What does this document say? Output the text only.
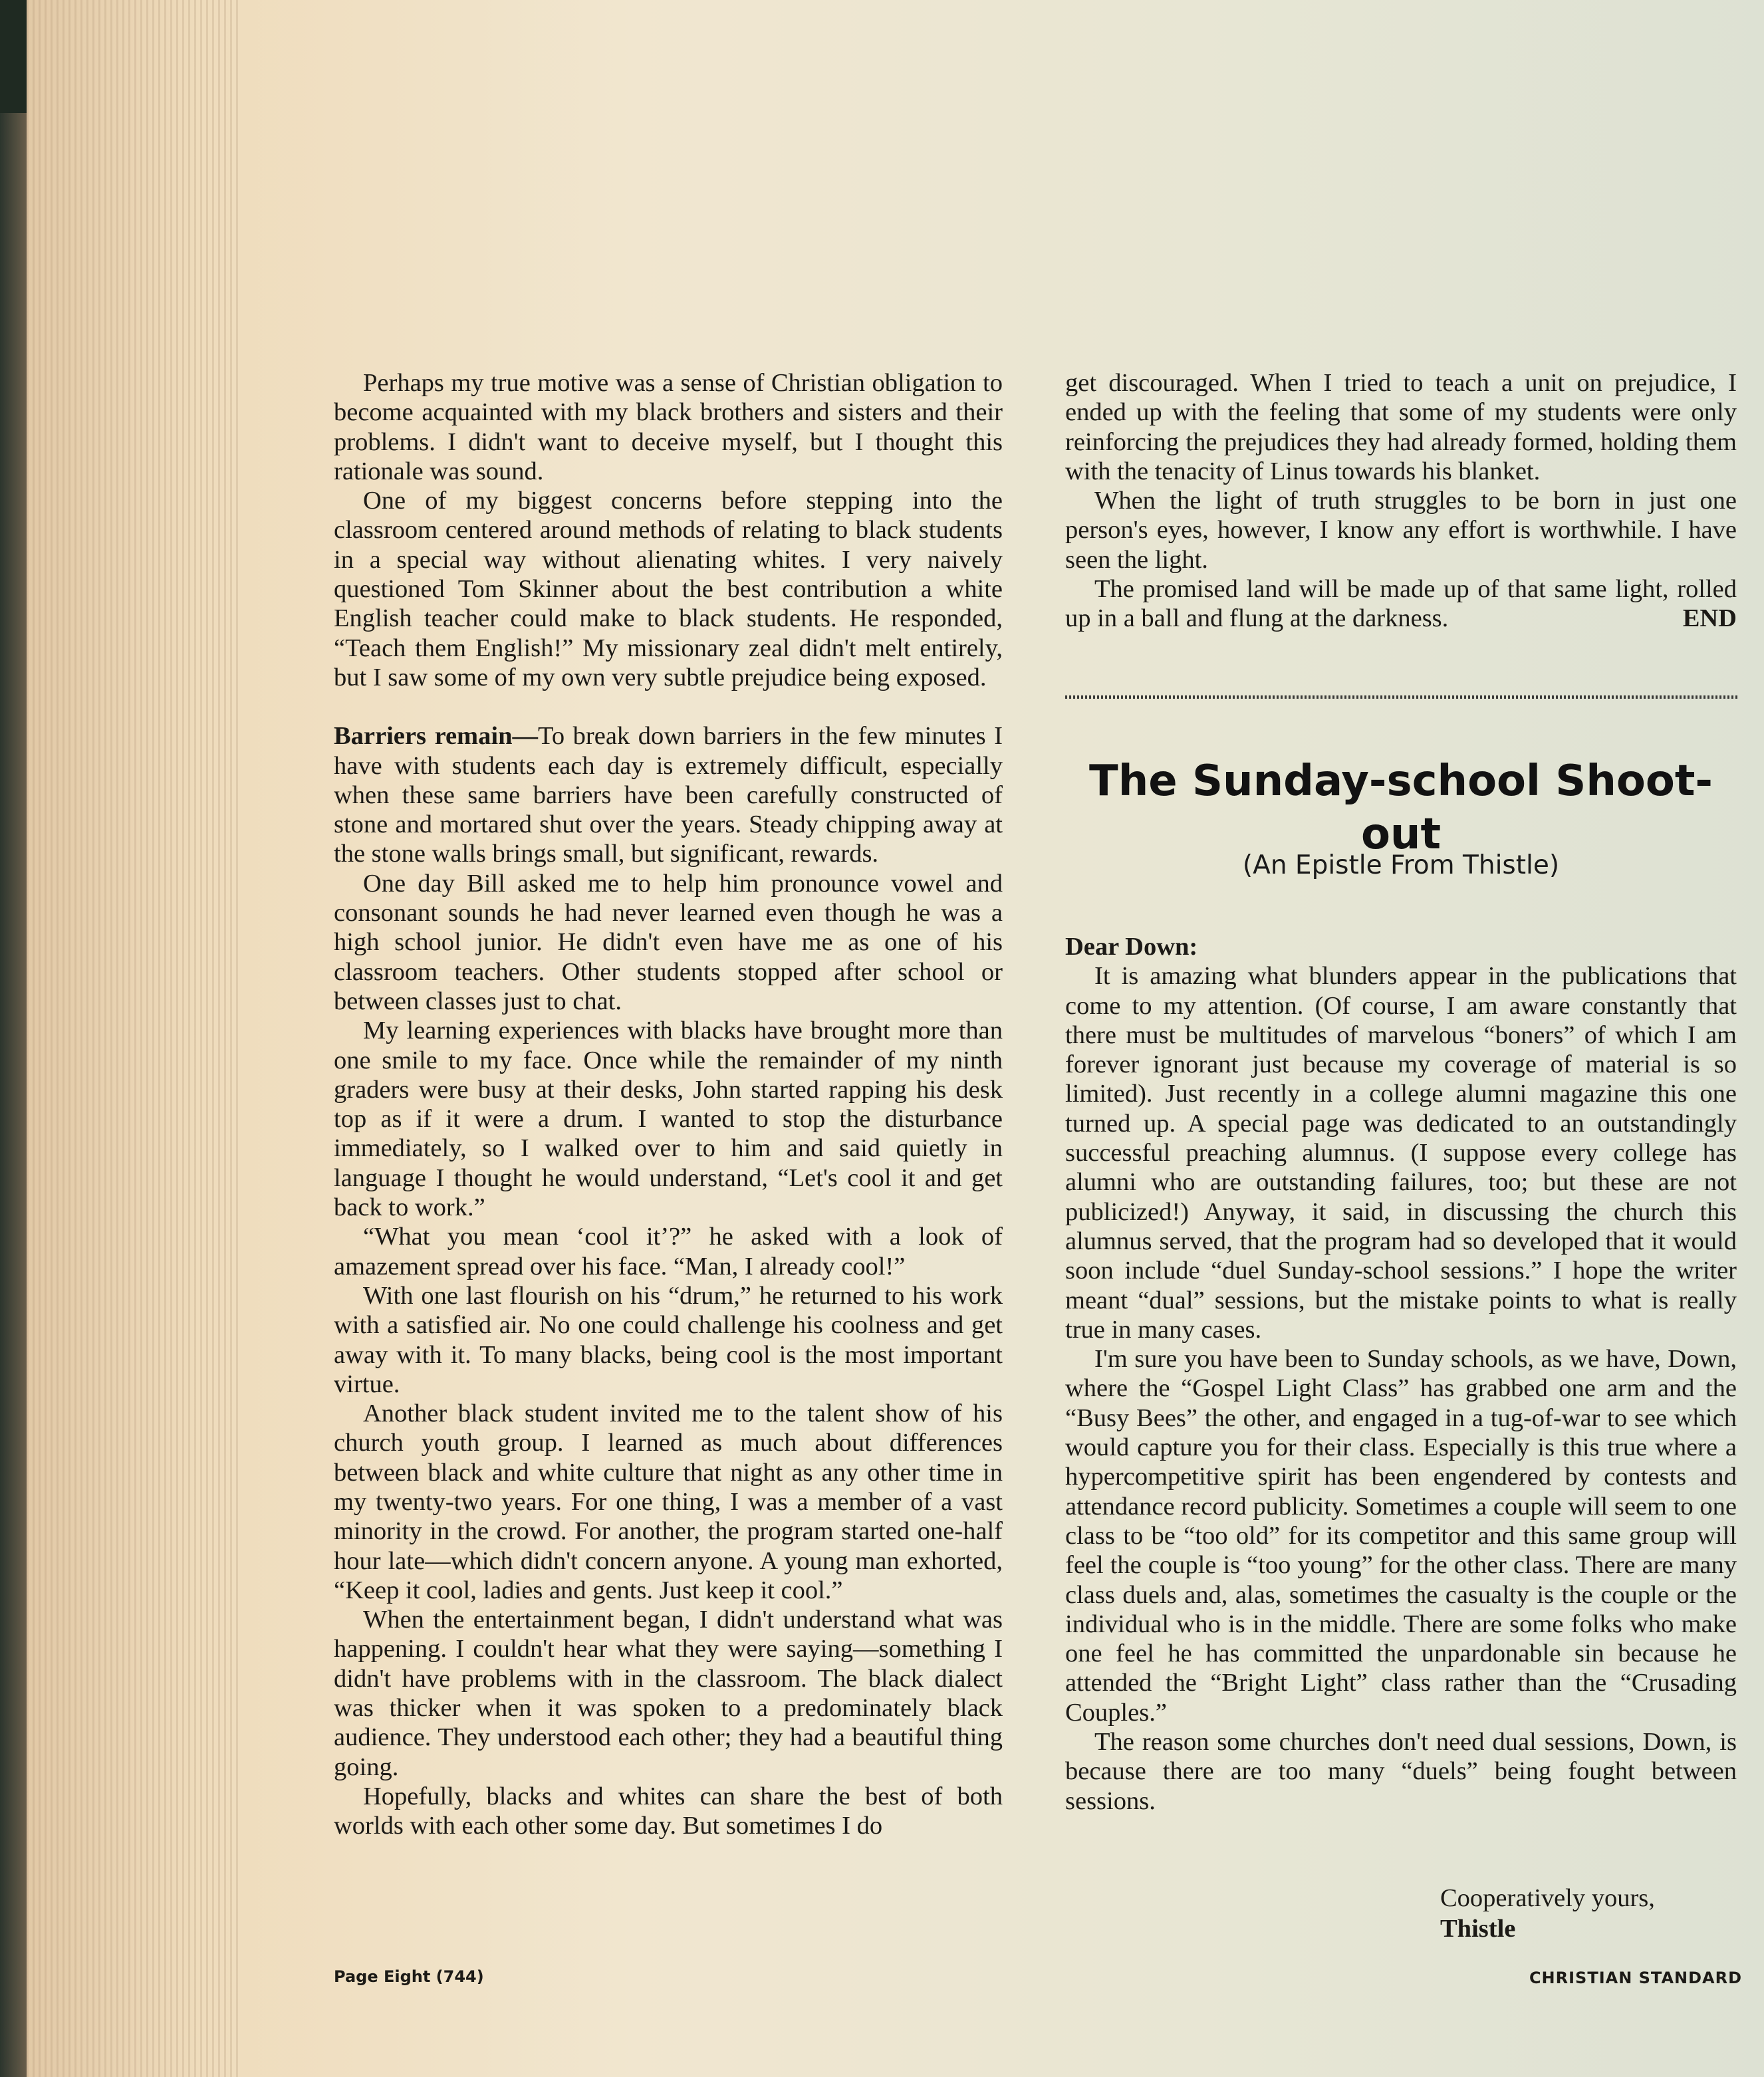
Perhaps my true motive was a sense of Christian obligation to become acquainted with my black brothers and sisters and their problems. I didn't want to deceive myself, but I thought this rationale was sound.

One of my biggest concerns before stepping into the classroom centered around methods of relating to black students in a special way without alienating whites. I very naively questioned Tom Skinner about the best contribution a white English teacher could make to black students. He responded, “Teach them English!” My missionary zeal didn't melt entirely, but I saw some of my own very subtle prejudice being exposed.

Barriers remain—To break down barriers in the few minutes I have with students each day is extremely difficult, especially when these same barriers have been carefully constructed of stone and mortared shut over the years. Steady chipping away at the stone walls brings small, but significant, rewards.

One day Bill asked me to help him pronounce vowel and consonant sounds he had never learned even though he was a high school junior. He didn't even have me as one of his classroom teachers. Other students stopped after school or between classes just to chat.

My learning experiences with blacks have brought more than one smile to my face. Once while the remainder of my ninth graders were busy at their desks, John started rapping his desk top as if it were a drum. I wanted to stop the disturbance immediately, so I walked over to him and said quietly in language I thought he would understand, “Let's cool it and get back to work.”

“What you mean ‘cool it’?” he asked with a look of amazement spread over his face. “Man, I already cool!”

With one last flourish on his “drum,” he returned to his work with a satisfied air. No one could challenge his coolness and get away with it. To many blacks, being cool is the most important virtue.

Another black student invited me to the talent show of his church youth group. I learned as much about differences between black and white culture that night as any other time in my twenty-two years. For one thing, I was a member of a vast minority in the crowd. For another, the program started one-half hour late—which didn't concern anyone. A young man exhorted, “Keep it cool, ladies and gents. Just keep it cool.”

When the entertainment began, I didn't understand what was happening. I couldn't hear what they were saying—something I didn't have problems with in the classroom. The black dialect was thicker when it was spoken to a predominately black audience. They understood each other; they had a beautiful thing going.

Hopefully, blacks and whites can share the best of both worlds with each other some day. But sometimes I do

get discouraged. When I tried to teach a unit on prejudice, I ended up with the feeling that some of my students were only reinforcing the prejudices they had already formed, holding them with the tenacity of Linus towards his blanket.

When the light of truth struggles to be born in just one person's eyes, however, I know any effort is worthwhile. I have seen the light.

The promised land will be made up of that same light, rolled up in a ball and flung at the darkness.	END

The Sunday-school Shoot-out
(An Epistle From Thistle)

Dear Down:

It is amazing what blunders appear in the publications that come to my attention. (Of course, I am aware constantly that there must be multitudes of marvelous “boners” of which I am forever ignorant just because my coverage of material is so limited). Just recently in a college alumni magazine this one turned up. A special page was dedicated to an outstandingly successful preaching alumnus. (I suppose every college has alumni who are outstanding failures, too; but these are not publicized!) Anyway, it said, in discussing the church this alumnus served, that the program had so developed that it would soon include “duel Sunday-school sessions.” I hope the writer meant “dual” sessions, but the mistake points to what is really true in many cases.

I'm sure you have been to Sunday schools, as we have, Down, where the “Gospel Light Class” has grabbed one arm and the “Busy Bees” the other, and engaged in a tug-of-war to see which would capture you for their class. Especially is this true where a hypercompetitive spirit has been engendered by contests and attendance record publicity. Sometimes a couple will seem to one class to be “too old” for its competitor and this same group will feel the couple is “too young” for the other class. There are many class duels and, alas, sometimes the casualty is the couple or the individual who is in the middle. There are some folks who make one feel he has committed the unpardonable sin because he attended the “Bright Light” class rather than the “Crusading Couples.”

The reason some churches don't need dual sessions, Down, is because there are too many “duels” being fought between sessions.

Cooperatively yours,
Thistle
Page Eight (744)	CHRISTIAN STANDARD
